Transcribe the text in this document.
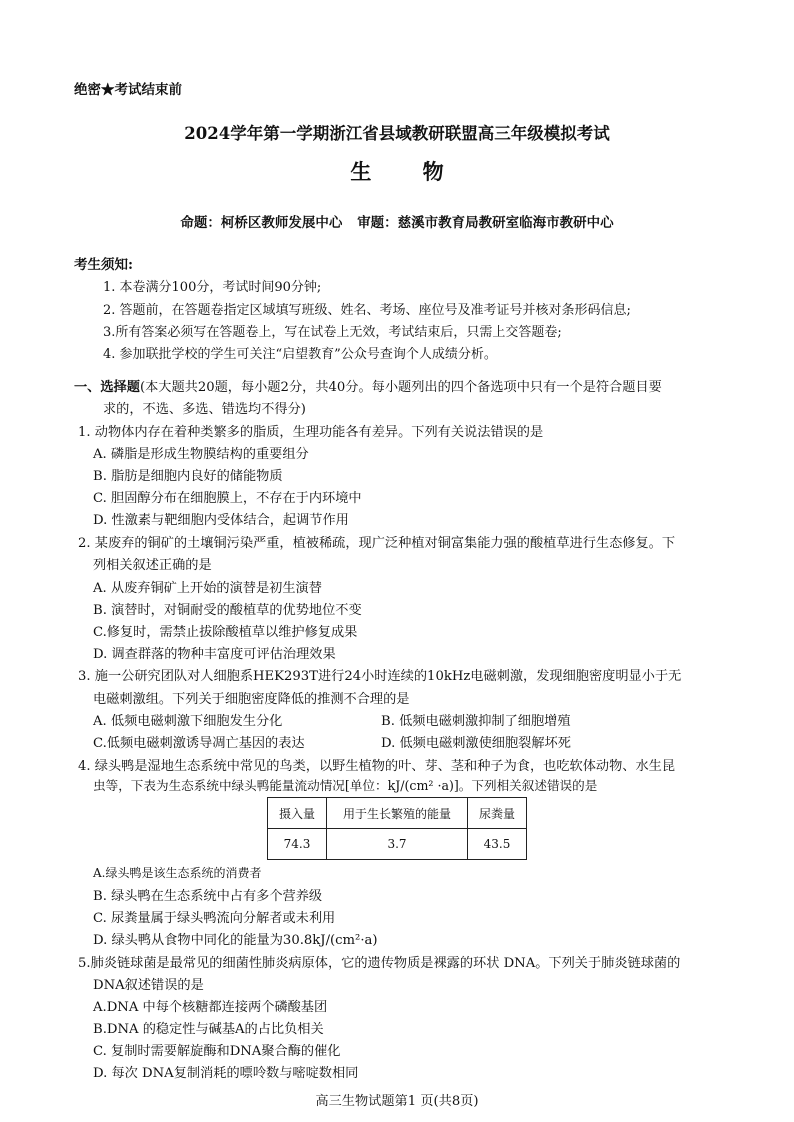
绝密★考试结束前
2024学年第一学期浙江省县域教研联盟高三年级模拟考试
生 物
命题：柯桥区教师发展中心 审题：慈溪市教育局教研室临海市教研中心
考生须知:
1. 本卷满分100分，考试时间90分钟;
2. 答题前，在答题卷指定区域填写班级、姓名、考场、座位号及准考证号并核对条形码信息;
3.所有答案必须写在答题卷上，写在试卷上无效，考试结束后，只需上交答题卷;
4. 参加联批学校的学生可关注“启望教育”公众号查询个人成绩分析。
一、选择题(本大题共20题，每小题2分，共40分。每小题列出的四个备选项中只有一个是符合题目要
求的，不选、多选、错选均不得分)
1. 动物体内存在着种类繁多的脂质，生理功能各有差异。下列有关说法错误的是
A. 磷脂是形成生物膜结构的重要组分
B. 脂肪是细胞内良好的储能物质
C. 胆固醇分布在细胞膜上，不存在于内环境中
D. 性激素与靶细胞内受体结合，起调节作用
2. 某废弃的铜矿的土壤铜污染严重，植被稀疏，现广泛种植对铜富集能力强的酸植草进行生态修复。下
列相关叙述正确的是
A. 从废弃铜矿上开始的演替是初生演替
B. 演替时，对铜耐受的酸植草的优势地位不变
C.修复时，需禁止拔除酸植草以维护修复成果
D. 调查群落的物种丰富度可评估治理效果
3. 施一公研究团队对人细胞系HEK293T进行24小时连续的10kHz电磁刺激，发现细胞密度明显小于无
电磁刺激组。下列关于细胞密度降低的推测不合理的是
A. 低频电磁刺激下细胞发生分化	B. 低频电磁刺激抑制了细胞增殖
C.低频电磁刺激诱导凋亡基因的表达	D. 低频电磁刺激使细胞裂解坏死
4. 绿头鸭是湿地生态系统中常见的鸟类，以野生植物的叶、芽、茎和种子为食，也吃软体动物、水生昆
虫等，下表为生态系统中绿头鸭能量流动情况[单位：kJ/(cm² ·a)]。下列相关叙述错误的是
摄入量	用于生长繁殖的能量	尿粪量
74.3	3.7	43.5
A.绿头鸭是该生态系统的消费者
B. 绿头鸭在生态系统中占有多个营养级
C. 尿粪量属于绿头鸭流向分解者或未利用
D. 绿头鸭从食物中同化的能量为30.8kJ/(cm²·a)
5.肺炎链球菌是最常见的细菌性肺炎病原体，它的遗传物质是裸露的环状 DNA。下列关于肺炎链球菌的
DNA叙述错误的是
A.DNA 中每个核糖都连接两个磷酸基团
B.DNA 的稳定性与碱基A的占比负相关
C. 复制时需要解旋酶和DNA聚合酶的催化
D. 每次 DNA复制消耗的嘌呤数与嘧啶数相同
高三生物试题第1 页(共8页)
